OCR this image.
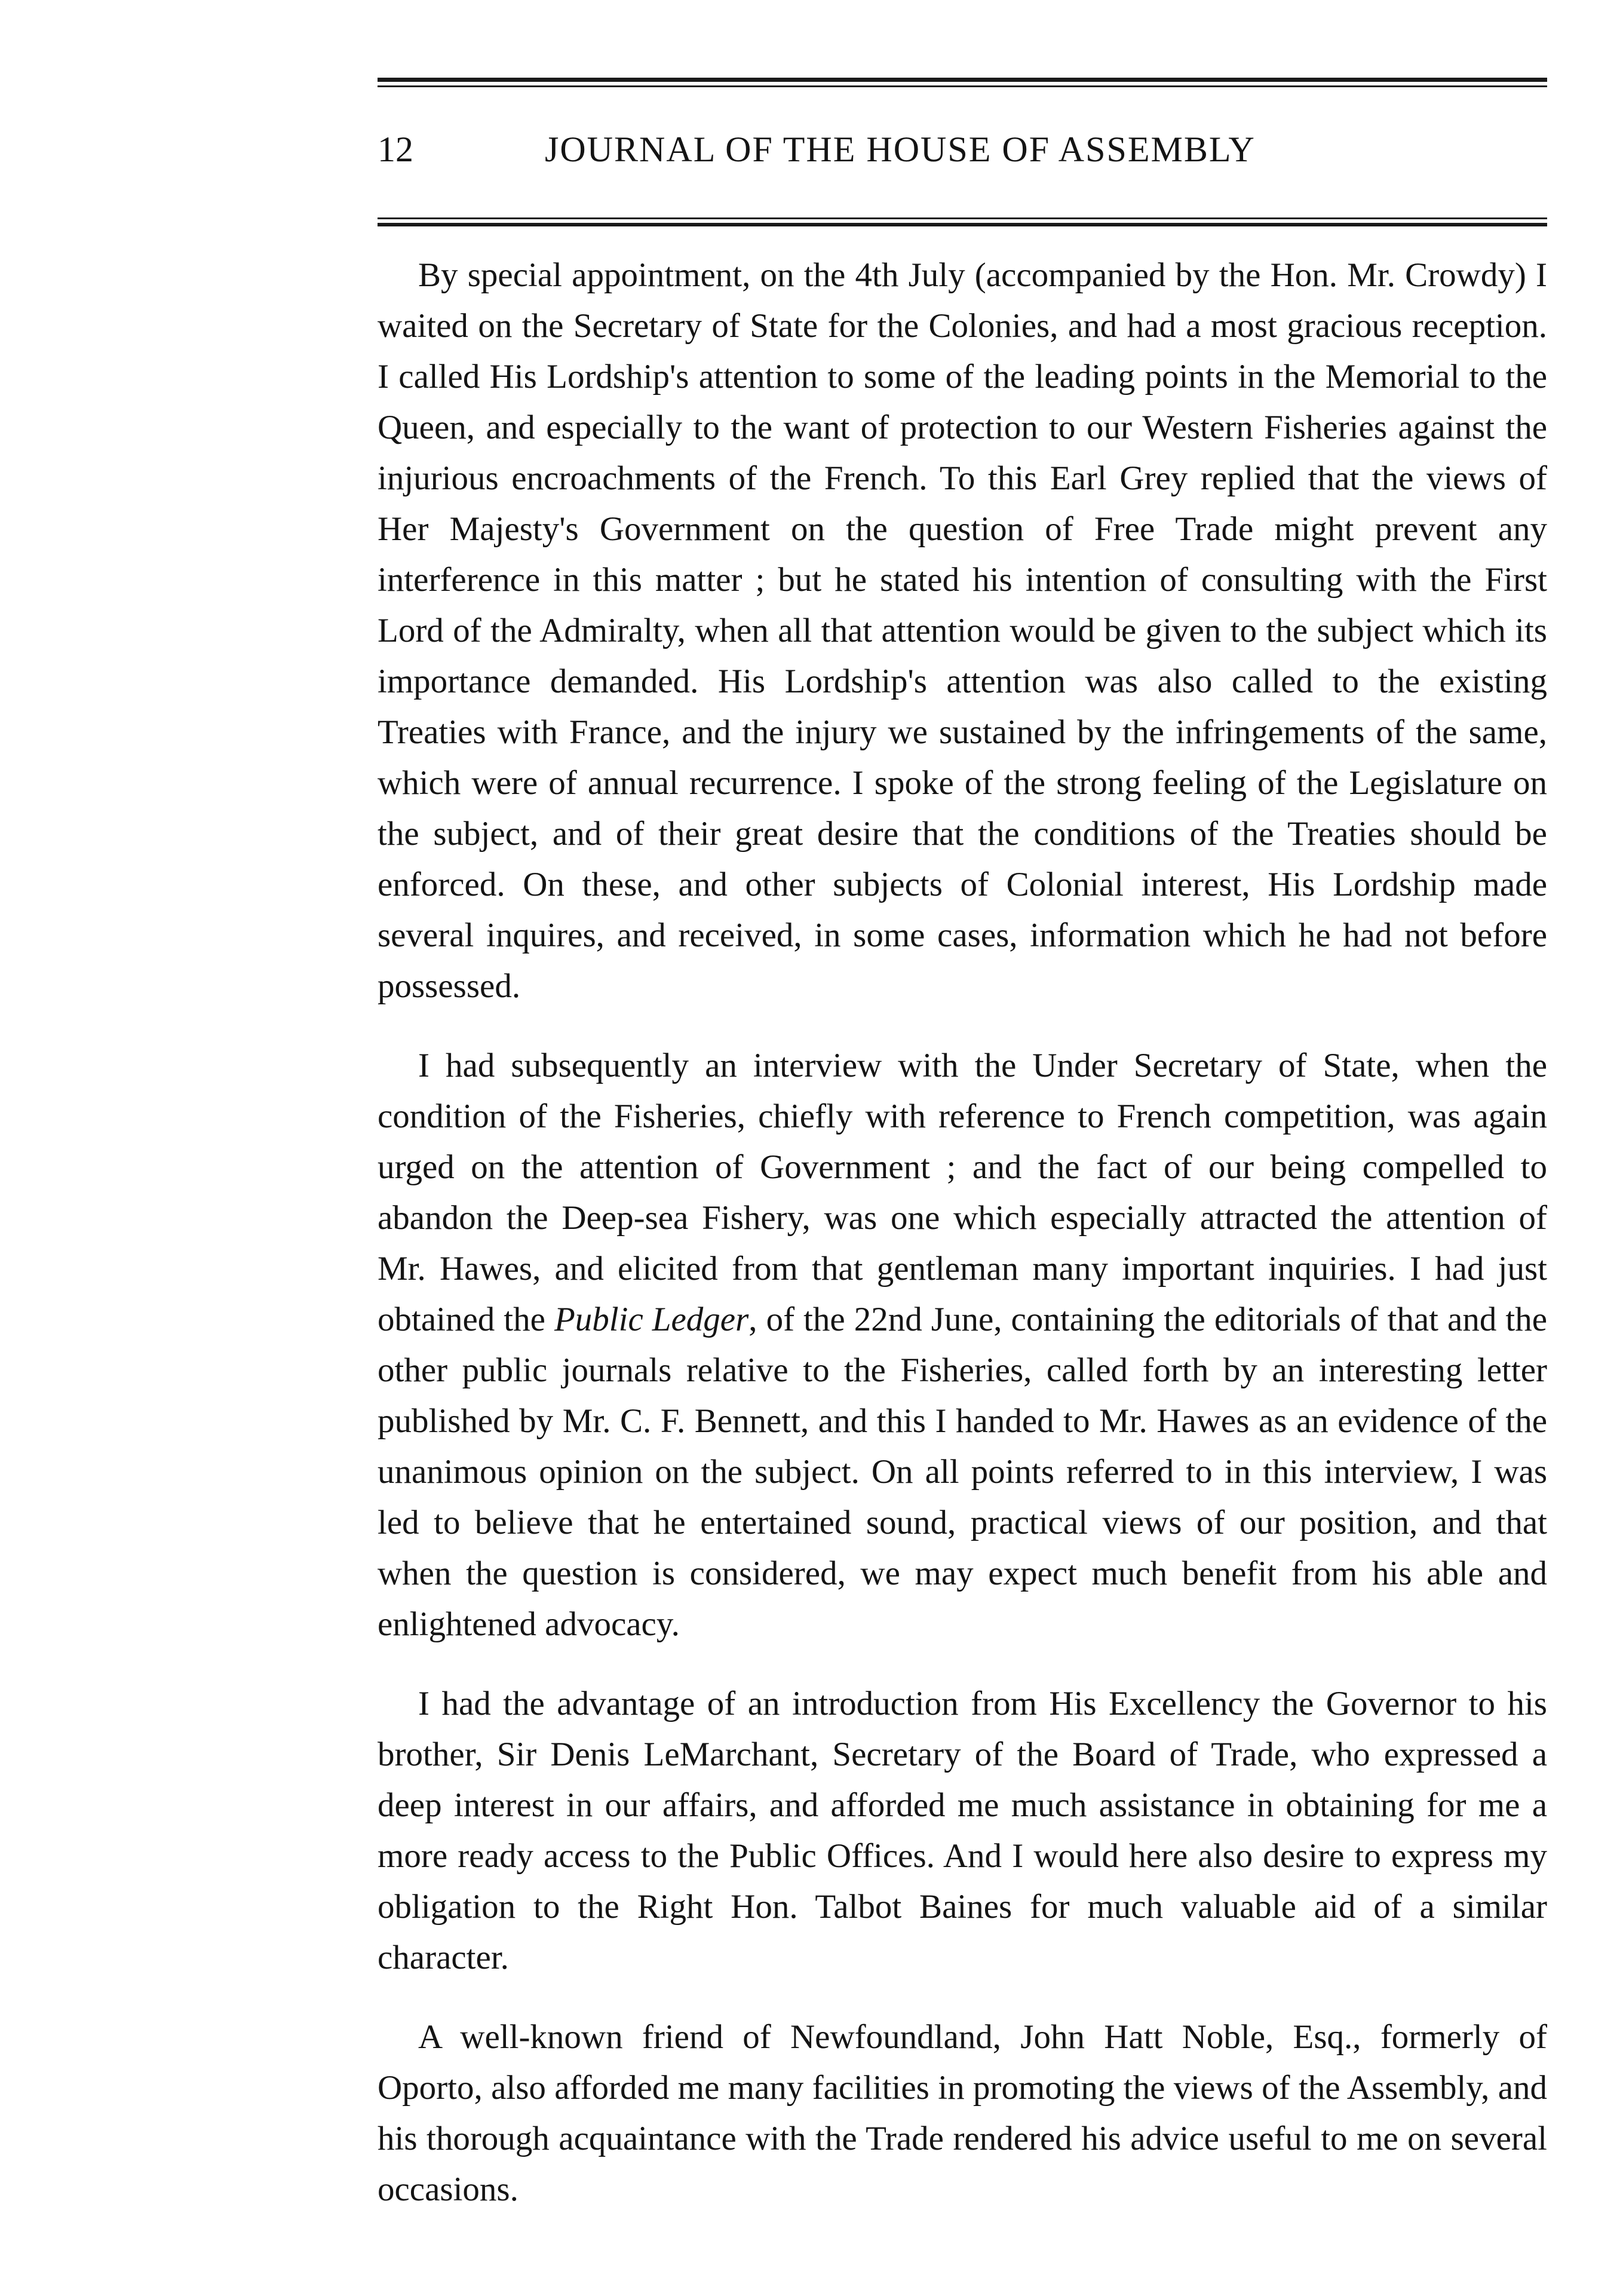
12	JOURNAL OF THE HOUSE OF ASSEMBLY

By special appointment, on the 4th July (accompanied by the Hon. Mr. Crowdy) I waited on the Secretary of State for the Colonies, and had a most gracious reception. I called His Lordship's attention to some of the leading points in the Memorial to the Queen, and especially to the want of protection to our Western Fisheries against the injurious encroachments of the French. To this Earl Grey replied that the views of Her Majesty's Government on the question of Free Trade might prevent any interference in this matter ; but he stated his intention of consulting with the First Lord of the Admiralty, when all that attention would be given to the subject which its importance demanded. His Lordship's attention was also called to the existing Treaties with France, and the injury we sustained by the infringements of the same, which were of annual recurrence. I spoke of the strong feeling of the Legislature on the subject, and of their great desire that the conditions of the Treaties should be enforced. On these, and other subjects of Colonial interest, His Lordship made several inquires, and received, in some cases, information which he had not before possessed.

I had subsequently an interview with the Under Secretary of State, when the condition of the Fisheries, chiefly with reference to French competition, was again urged on the attention of Government ; and the fact of our being compelled to abandon the Deep-sea Fishery, was one which especially attracted the attention of Mr. Hawes, and elicited from that gentleman many important inquiries. I had just obtained the Public Ledger, of the 22nd June, containing the editorials of that and the other public journals relative to the Fisheries, called forth by an interesting letter published by Mr. C. F. Bennett, and this I handed to Mr. Hawes as an evidence of the unanimous opinion on the subject. On all points referred to in this interview, I was led to believe that he entertained sound, practical views of our position, and that when the question is considered, we may expect much benefit from his able and enlightened advocacy.

I had the advantage of an introduction from His Excellency the Governor to his brother, Sir Denis LeMarchant, Secretary of the Board of Trade, who expressed a deep interest in our affairs, and afforded me much assistance in obtaining for me a more ready access to the Public Offices. And I would here also desire to express my obligation to the Right Hon. Talbot Baines for much valuable aid of a similar character.

A well-known friend of Newfoundland, John Hatt Noble, Esq., formerly of Oporto, also afforded me many facilities in promoting the views of the Assembly, and his thorough acquaintance with the Trade rendered his advice useful to me on several occasions.
